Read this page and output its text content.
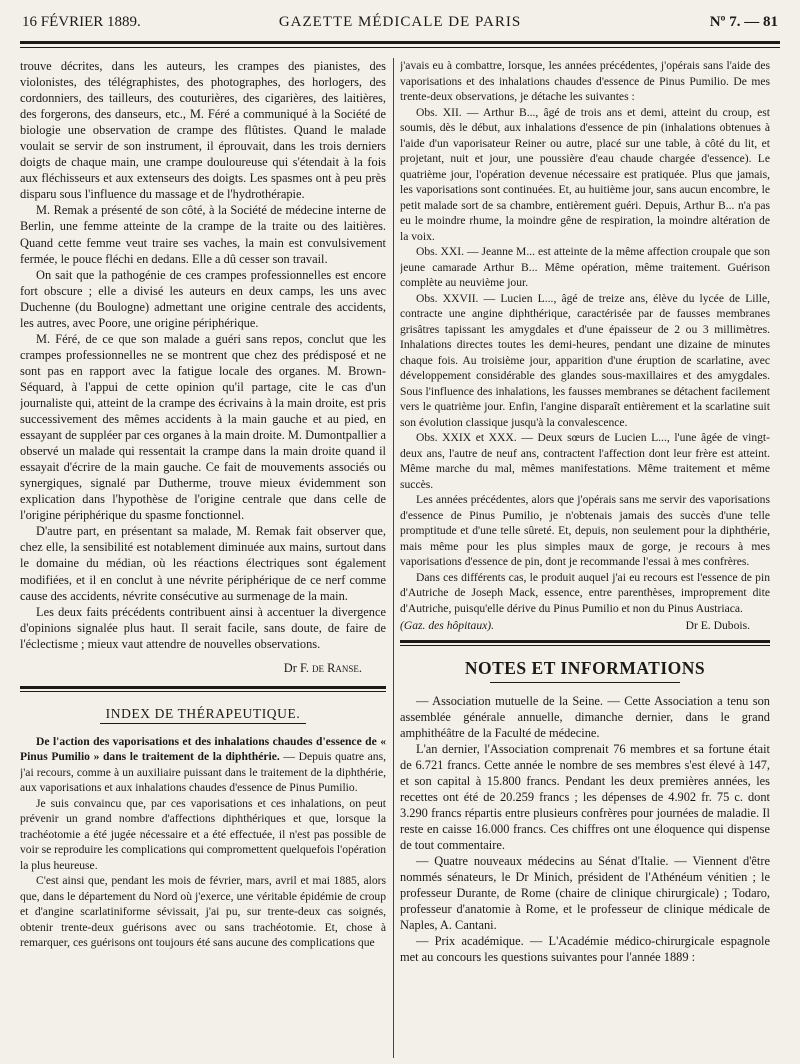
16 FÉVRIER 1889.	GAZETTE MÉDICALE DE PARIS	Nº 7. — 81

trouve décrites, dans les auteurs, les crampes des pianistes, des violonistes, des télégraphistes, des photographes, des horlogers, des cordonniers, des tailleurs, des couturières, des cigarières, des laitières, des forgerons, des danseurs, etc., M. Féré a communiqué à la Société de biologie une observation de crampe des flûtistes. Quand le malade voulait se servir de son instrument, il éprouvait, dans les trois derniers doigts de chaque main, une crampe douloureuse qui s'étendait à la fois aux fléchisseurs et aux extenseurs des doigts. Les spasmes ont à peu près disparu sous l'influence du massage et de l'hydrothérapie.

M. Remak a présenté de son côté, à la Société de médecine interne de Berlin, une femme atteinte de la crampe de la traite ou des laitières. Quand cette femme veut traire ses vaches, la main est convulsivement fermée, le pouce fléchi en dedans. Elle a dû cesser son travail.

On sait que la pathogénie de ces crampes professionnelles est encore fort obscure ; elle a divisé les auteurs en deux camps, les uns avec Duchenne (du Boulogne) admettant une origine centrale des accidents, les autres, avec Poore, une origine périphérique.

M. Féré, de ce que son malade a guéri sans repos, conclut que les crampes professionnelles ne se montrent que chez des prédisposé et ne sont pas en rapport avec la fatigue locale des organes. M. Brown-Séquard, à l'appui de cette opinion qu'il partage, cite le cas d'un journaliste qui, atteint de la crampe des écrivains à la main droite, est pris successivement des mêmes accidents à la main gauche et au pied, en essayant de suppléer par ces organes à la main droite. M. Dumontpallier a observé un malade qui ressentait la crampe dans la main droite quand il essayait d'écrire de la main gauche. Ce fait de mouvements associés ou synergiques, signalé par Dutherme, trouve mieux évidemment son explication dans l'hypothèse de l'origine centrale que dans celle de l'origine périphérique du spasme fonctionnel.

D'autre part, en présentant sa malade, M. Remak fait observer que, chez elle, la sensibilité est notablement diminuée aux mains, surtout dans le domaine du médian, où les réactions électriques sont également modifiées, et il en conclut à une névrite périphérique de ce nerf comme cause des accidents, névrite consécutive au surmenage de la main.

Les deux faits précédents contribuent ainsi à accentuer la divergence d'opinions signalée plus haut. Il serait facile, sans doute, de faire de l'éclectisme ; mieux vaut attendre de nouvelles observations.

Dr F. de Ranse.
INDEX DE THÉRAPEUTIQUE.

De l'action des vaporisations et des inhalations chaudes d'essence de « Pinus Pumilio » dans le traitement de la diphthérie. — Depuis quatre ans, j'ai recours, comme à un auxiliaire puissant dans le traitement de la diphthérie, aux vaporisations et aux inhalations chaudes d'essence de Pinus Pumilio.

Je suis convaincu que, par ces vaporisations et ces inhalations, on peut prévenir un grand nombre d'affections diphthériques et que, lorsque la trachéotomie a été jugée nécessaire et a été effectuée, il n'est pas possible de voir se reproduire les complications qui compromettent quelquefois l'opération la plus heureuse.

C'est ainsi que, pendant les mois de février, mars, avril et mai 1885, alors que, dans le département du Nord où j'exerce, une véritable épidémie de croup et d'angine scarlatiniforme sévissait, j'ai pu, sur trente-deux cas soignés, obtenir trente-deux guérisons avec ou sans trachéotomie. Et, chose à remarquer, ces guérisons ont toujours été sans aucune des complications que

j'avais eu à combattre, lorsque, les années précédentes, j'opérais sans l'aide des vaporisations et des inhalations chaudes d'essence de Pinus Pumilio. De mes trente-deux observations, je détache les suivantes :

Obs. XII. — Arthur B..., âgé de trois ans et demi, atteint du croup, est soumis, dès le début, aux inhalations d'essence de pin (inhalations obtenues à l'aide d'un vaporisateur Reiner ou autre, placé sur une table, à côté du lit, et projetant, nuit et jour, une poussière d'eau chaude chargée d'essence). Le quatrième jour, l'opération devenue nécessaire est pratiquée. Plus que jamais, les vaporisations sont continuées. Et, au huitième jour, sans aucun encombre, le petit malade sort de sa chambre, entièrement guéri. Depuis, Arthur B... n'a pas eu le moindre rhume, la moindre gêne de respiration, la moindre altération de la voix.

Obs. XXI. — Jeanne M... est atteinte de la même affection croupale que son jeune camarade Arthur B... Même opération, même traitement. Guérison complète au neuvième jour.

Obs. XXVII. — Lucien L..., âgé de treize ans, élève du lycée de Lille, contracte une angine diphthérique, caractérisée par de fausses membranes grisâtres tapissant les amygdales et d'une épaisseur de 2 ou 3 millimètres. Inhalations directes toutes les demi-heures, pendant une dizaine de minutes chaque fois. Au troisième jour, apparition d'une éruption de scarlatine, avec développement considérable des glandes sous-maxillaires et des amygdales. Sous l'influence des inhalations, les fausses membranes se détachent facilement vers le quatrième jour. Enfin, l'angine disparaît entièrement et la scarlatine suit son évolution classique jusqu'à la convalescence.

Obs. XXIX et XXX. — Deux sœurs de Lucien L..., l'une âgée de vingt-deux ans, l'autre de neuf ans, contractent l'affection dont leur frère est atteint. Même marche du mal, mêmes manifestations. Même traitement et même succès.

Les années précédentes, alors que j'opérais sans me servir des vaporisations d'essence de Pinus Pumilio, je n'obtenais jamais des succès d'une telle promptitude et d'une telle sûreté. Et, depuis, non seulement pour la diphthérie, mais même pour les plus simples maux de gorge, je recours à mes vaporisations d'essence de pin, dont je recommande l'essai à mes confrères.

Dans ces différents cas, le produit auquel j'ai eu recours est l'essence de pin d'Autriche de Joseph Mack, essence, entre parenthèses, improprement dite d'Autriche, puisqu'elle dérive du Pinus Pumilio et non du Pinus Austriaca.

(Gaz. des hôpitaux).	Dr E. Dubois.
NOTES ET INFORMATIONS

— Association mutuelle de la Seine. — Cette Association a tenu son assemblée générale annuelle, dimanche dernier, dans le grand amphithéâtre de la Faculté de médecine.

L'an dernier, l'Association comprenait 76 membres et sa fortune était de 6.721 francs. Cette année le nombre de ses membres s'est élevé à 147, et son capital à 15.800 francs. Pendant les deux premières années, les recettes ont été de 20.259 francs ; les dépenses de 4.902 fr. 75 c. dont 3.290 francs répartis entre plusieurs confrères pour journées de maladie. Il reste en caisse 16.000 francs. Ces chiffres ont une éloquence qui dispense de tout commentaire.

— Quatre nouveaux médecins au Sénat d'Italie. — Viennent d'être nommés sénateurs, le Dr Minich, président de l'Athénéum vénitien ; le professeur Durante, de Rome (chaire de clinique chirurgicale) ; Todaro, professeur d'anatomie à Rome, et le professeur de clinique médicale de Naples, A. Cantani.

— Prix académique. — L'Académie médico-chirurgicale espagnole met au concours les questions suivantes pour l'année 1889 :
